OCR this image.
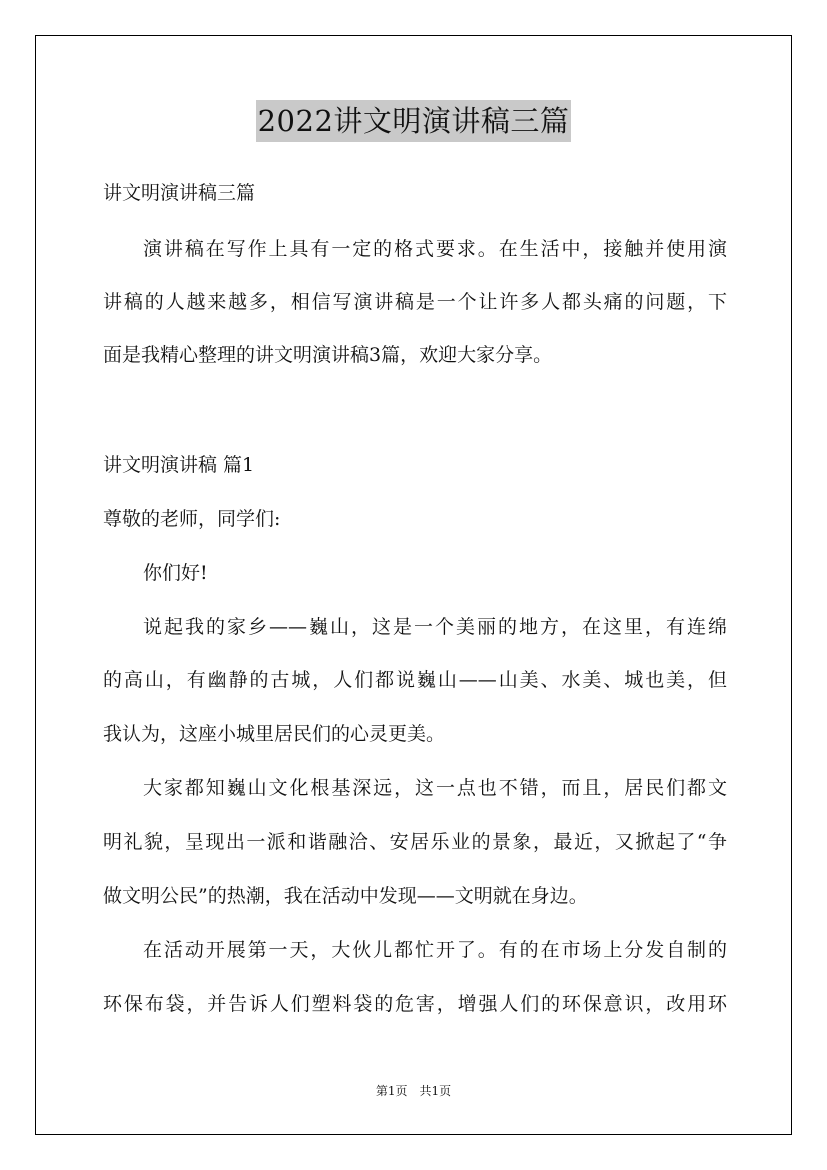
2022讲文明演讲稿三篇
讲文明演讲稿三篇
演讲稿在写作上具有一定的格式要求。在生活中，接触并使用演
讲稿的人越来越多，相信写演讲稿是一个让许多人都头痛的问题，下
面是我精心整理的讲文明演讲稿3篇，欢迎大家分享。
讲文明演讲稿 篇1
尊敬的老师，同学们:
你们好!
说起我的家乡——巍山，这是一个美丽的地方，在这里，有连绵
的高山，有幽静的古城，人们都说巍山——山美、水美、城也美，但
我认为，这座小城里居民们的心灵更美。
大家都知巍山文化根基深远，这一点也不错，而且，居民们都文
明礼貌，呈现出一派和谐融洽、安居乐业的景象，最近，又掀起了“争
做文明公民”的热潮，我在活动中发现——文明就在身边。
在活动开展第一天，大伙儿都忙开了。有的在市场上分发自制的
环保布袋，并告诉人们塑料袋的危害，增强人们的环保意识，改用环
第1页 共1页
